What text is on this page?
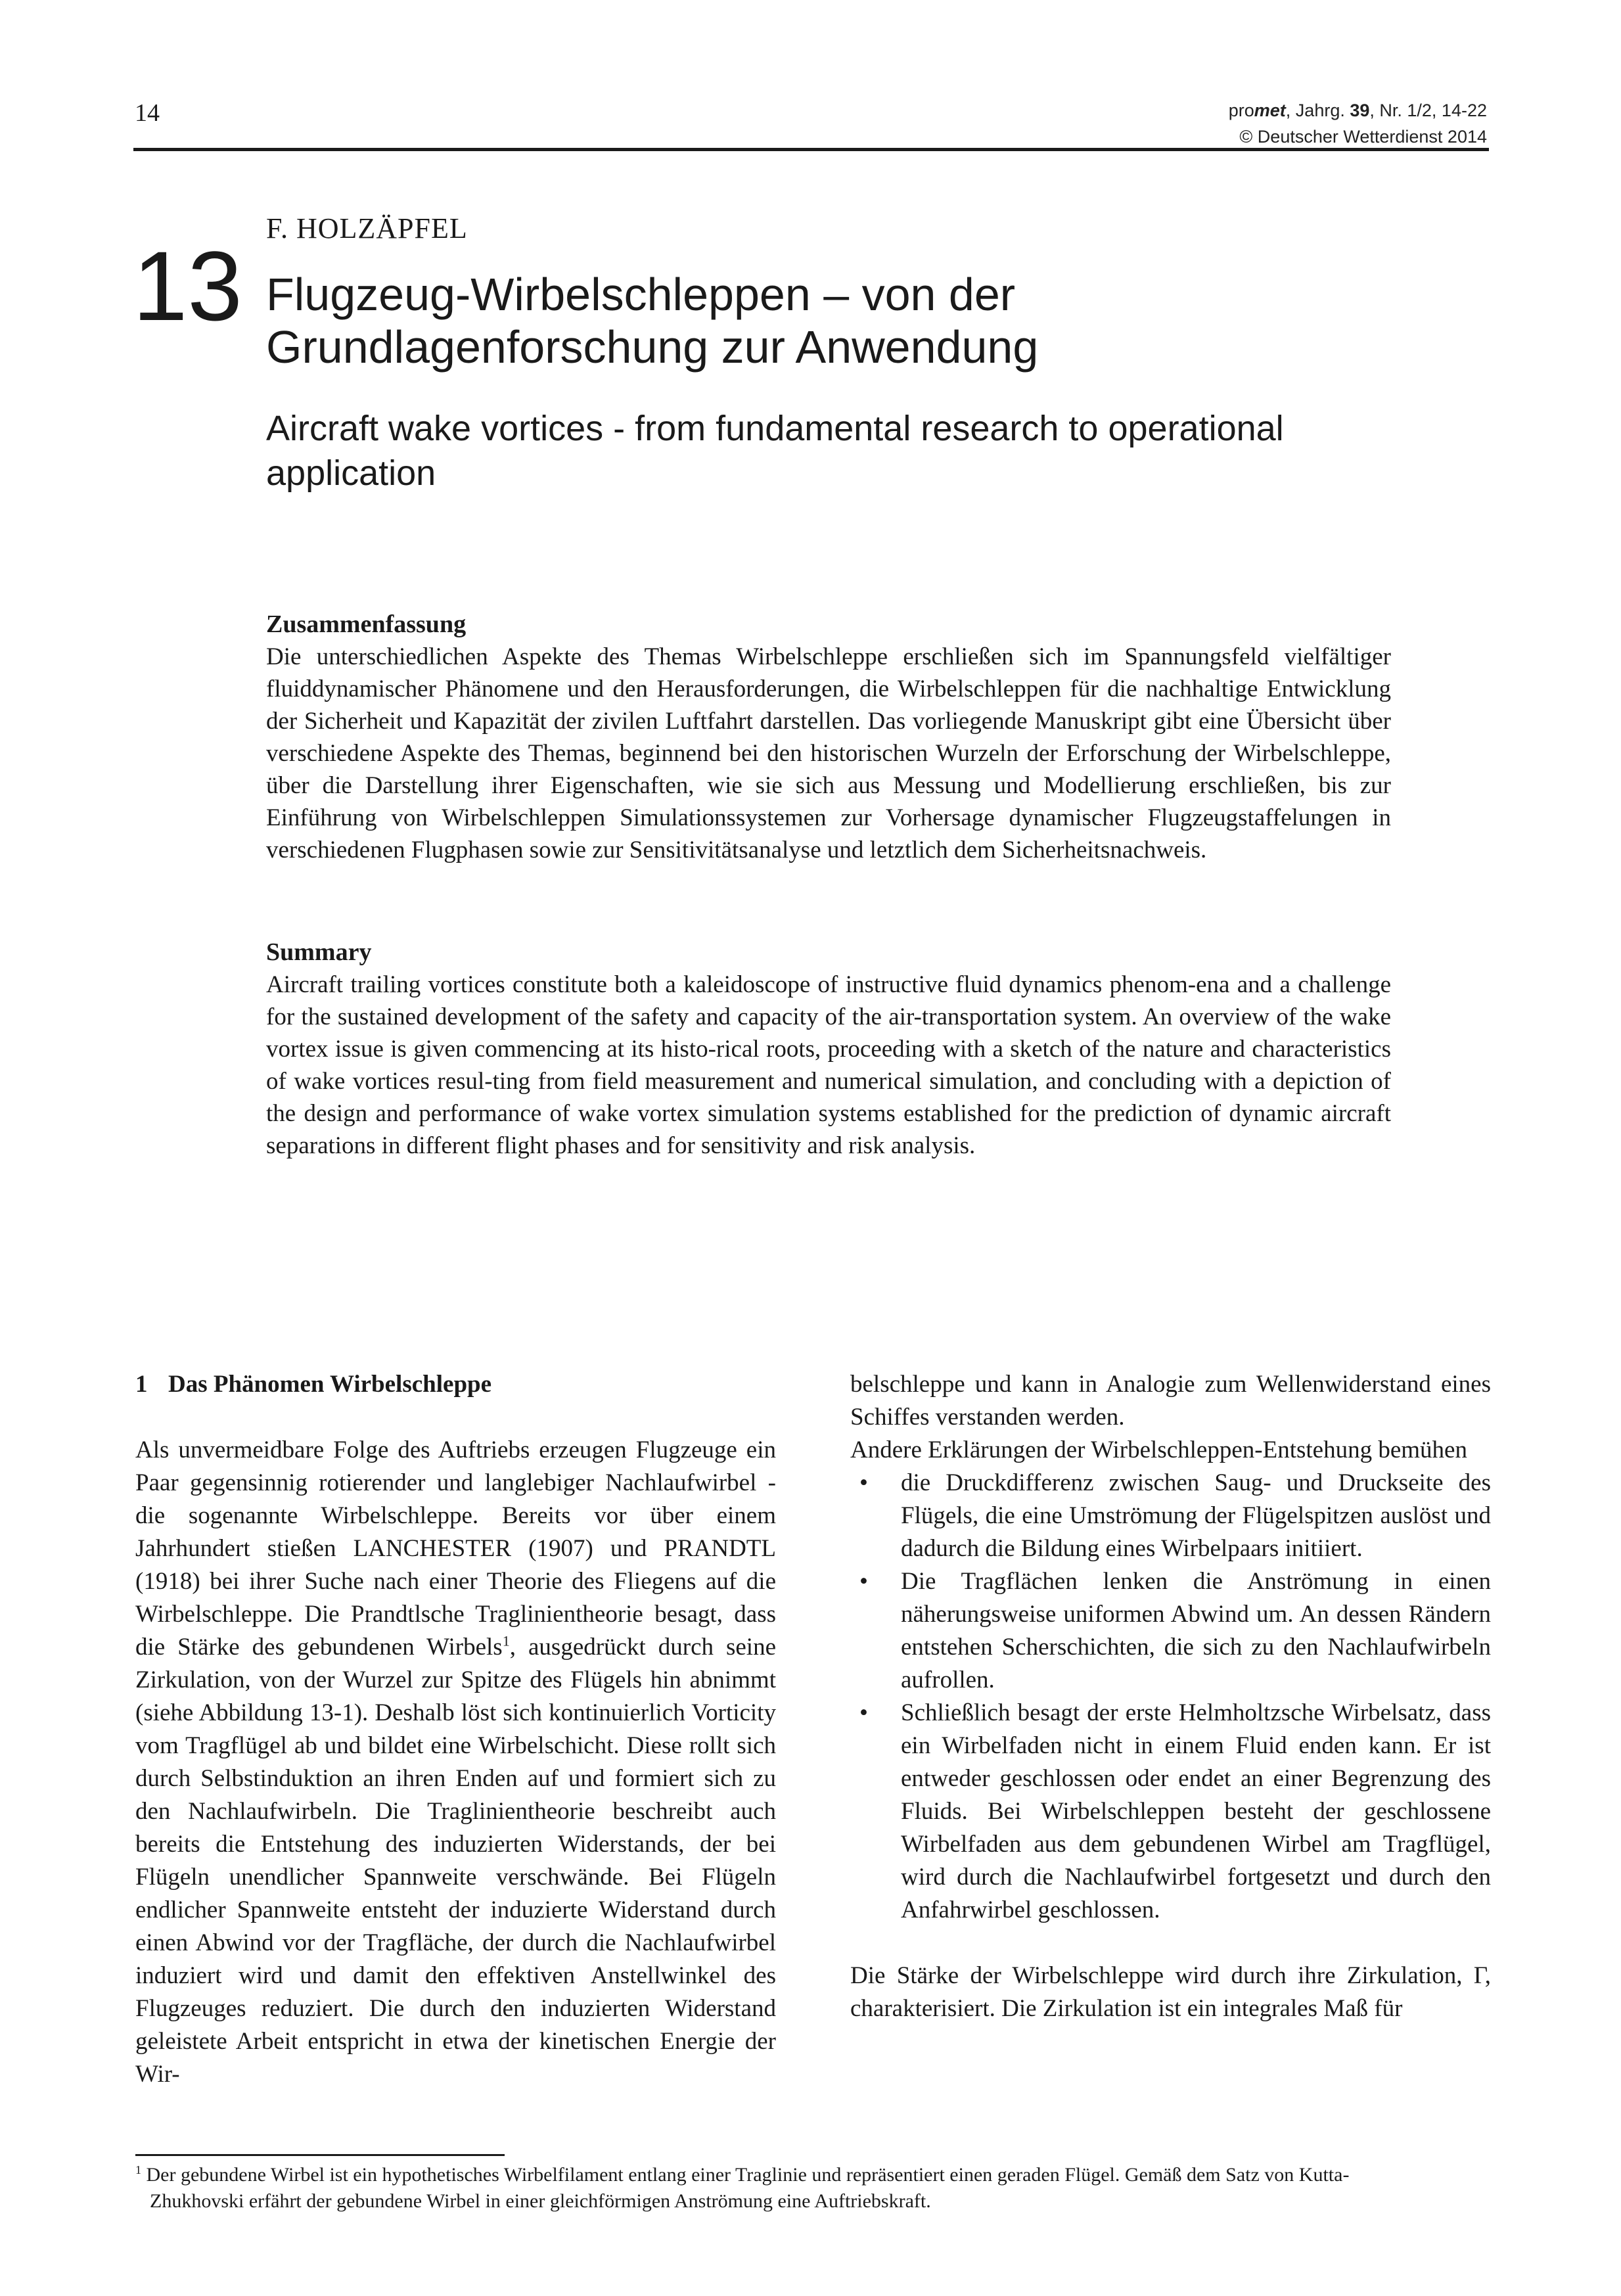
14	promet, Jahrg. 39, Nr. 1/2, 14-22
© Deutscher Wetterdienst 2014
F. HOLZÄPFEL
13 Flugzeug-Wirbelschleppen – von der
Grundlagenforschung zur Anwendung
Aircraft wake vortices - from fundamental research to operational
application
Zusammenfassung
Die unterschiedlichen Aspekte des Themas Wirbelschleppe erschließen sich im Spannungsfeld vielfältiger fluiddynamischer Phänomene und den Herausforderungen, die Wirbelschleppen für die nachhaltige Entwicklung der Sicherheit und Kapazität der zivilen Luftfahrt darstellen. Das vorliegende Manuskript gibt eine Übersicht über verschiedene Aspekte des Themas, beginnend bei den historischen Wurzeln der Erforschung der Wirbelschleppe, über die Darstellung ihrer Eigenschaften, wie sie sich aus Messung und Modellierung erschließen, bis zur Einführung von Wirbelschleppen Simulationssystemen zur Vorhersage dynamischer Flugzeugstaffelungen in verschiedenen Flugphasen sowie zur Sensitivitätsanalyse und letztlich dem Sicherheitsnachweis.
Summary
Aircraft trailing vortices constitute both a kaleidoscope of instructive fluid dynamics phenom-ena and a challenge for the sustained development of the safety and capacity of the air-transportation system. An overview of the wake vortex issue is given commencing at its histo-rical roots, proceeding with a sketch of the nature and characteristics of wake vortices resul-ting from field measurement and numerical simulation, and concluding with a depiction of the design and performance of wake vortex simulation systems established for the prediction of dynamic aircraft separations in different flight phases and for sensitivity and risk analysis.
1 Das Phänomen Wirbelschleppe

Als unvermeidbare Folge des Auftriebs erzeugen Flugzeuge ein Paar gegensinnig rotierender und langlebiger Nachlaufwirbel - die sogenannte Wirbelschleppe. Bereits vor über einem Jahrhundert stießen LANCHESTER (1907) und PRANDTL (1918) bei ihrer Suche nach einer Theorie des Fliegens auf die Wirbelschleppe. Die Prandtlsche Traglinientheorie besagt, dass die Stärke des gebundenen Wirbels$^1$, ausgedrückt durch seine Zirkulation, von der Wurzel zur Spitze des Flügels hin abnimmt (siehe Abbildung 13-1). Deshalb löst sich kontinuierlich Vorticity vom Tragflügel ab und bildet eine Wirbelschicht. Diese rollt sich durch Selbstinduktion an ihren Enden auf und formiert sich zu den Nachlaufwirbeln. Die Traglinientheorie beschreibt auch bereits die Entstehung des induzierten Widerstands, der bei Flügeln unendlicher Spannweite verschwände. Bei Flügeln endlicher Spannweite entsteht der induzierte Widerstand durch einen Abwind vor der Tragfläche, der durch die Nachlaufwirbel induziert wird und damit den effektiven Anstellwinkel des Flugzeuges reduziert. Die durch den induzierten Widerstand geleistete Arbeit entspricht in etwa der kinetischen Energie der Wir-

belschleppe und kann in Analogie zum Wellenwiderstand eines Schiffes verstanden werden.

Andere Erklärungen der Wirbelschleppen-Entstehung bemühen

• die Druckdifferenz zwischen Saug- und Druckseite des Flügels, die eine Umströmung der Flügelspitzen auslöst und dadurch die Bildung eines Wirbelpaars initiiert.
• Die Tragflächen lenken die Anströmung in einen näherungsweise uniformen Abwind um. An dessen Rändern entstehen Scherschichten, die sich zu den Nachlaufwirbeln aufrollen.
• Schließlich besagt der erste Helmholtzsche Wirbelsatz, dass ein Wirbelfaden nicht in einem Fluid enden kann. Er ist entweder geschlossen oder endet an einer Begrenzung des Fluids. Bei Wirbelschleppen besteht der geschlossene Wirbelfaden aus dem gebundenen Wirbel am Tragflügel, wird durch die Nachlaufwirbel fortgesetzt und durch den Anfahrwirbel geschlossen.

Die Stärke der Wirbelschleppe wird durch ihre Zirkulation, Γ, charakterisiert. Die Zirkulation ist ein integrales Maß für

$^1$ Der gebundene Wirbel ist ein hypothetisches Wirbelfilament entlang einer Traglinie und repräsentiert einen geraden Flügel. Gemäß dem Satz von Kutta-
Zhukhovski erfährt der gebundene Wirbel in einer gleichförmigen Anströmung eine Auftriebskraft.
